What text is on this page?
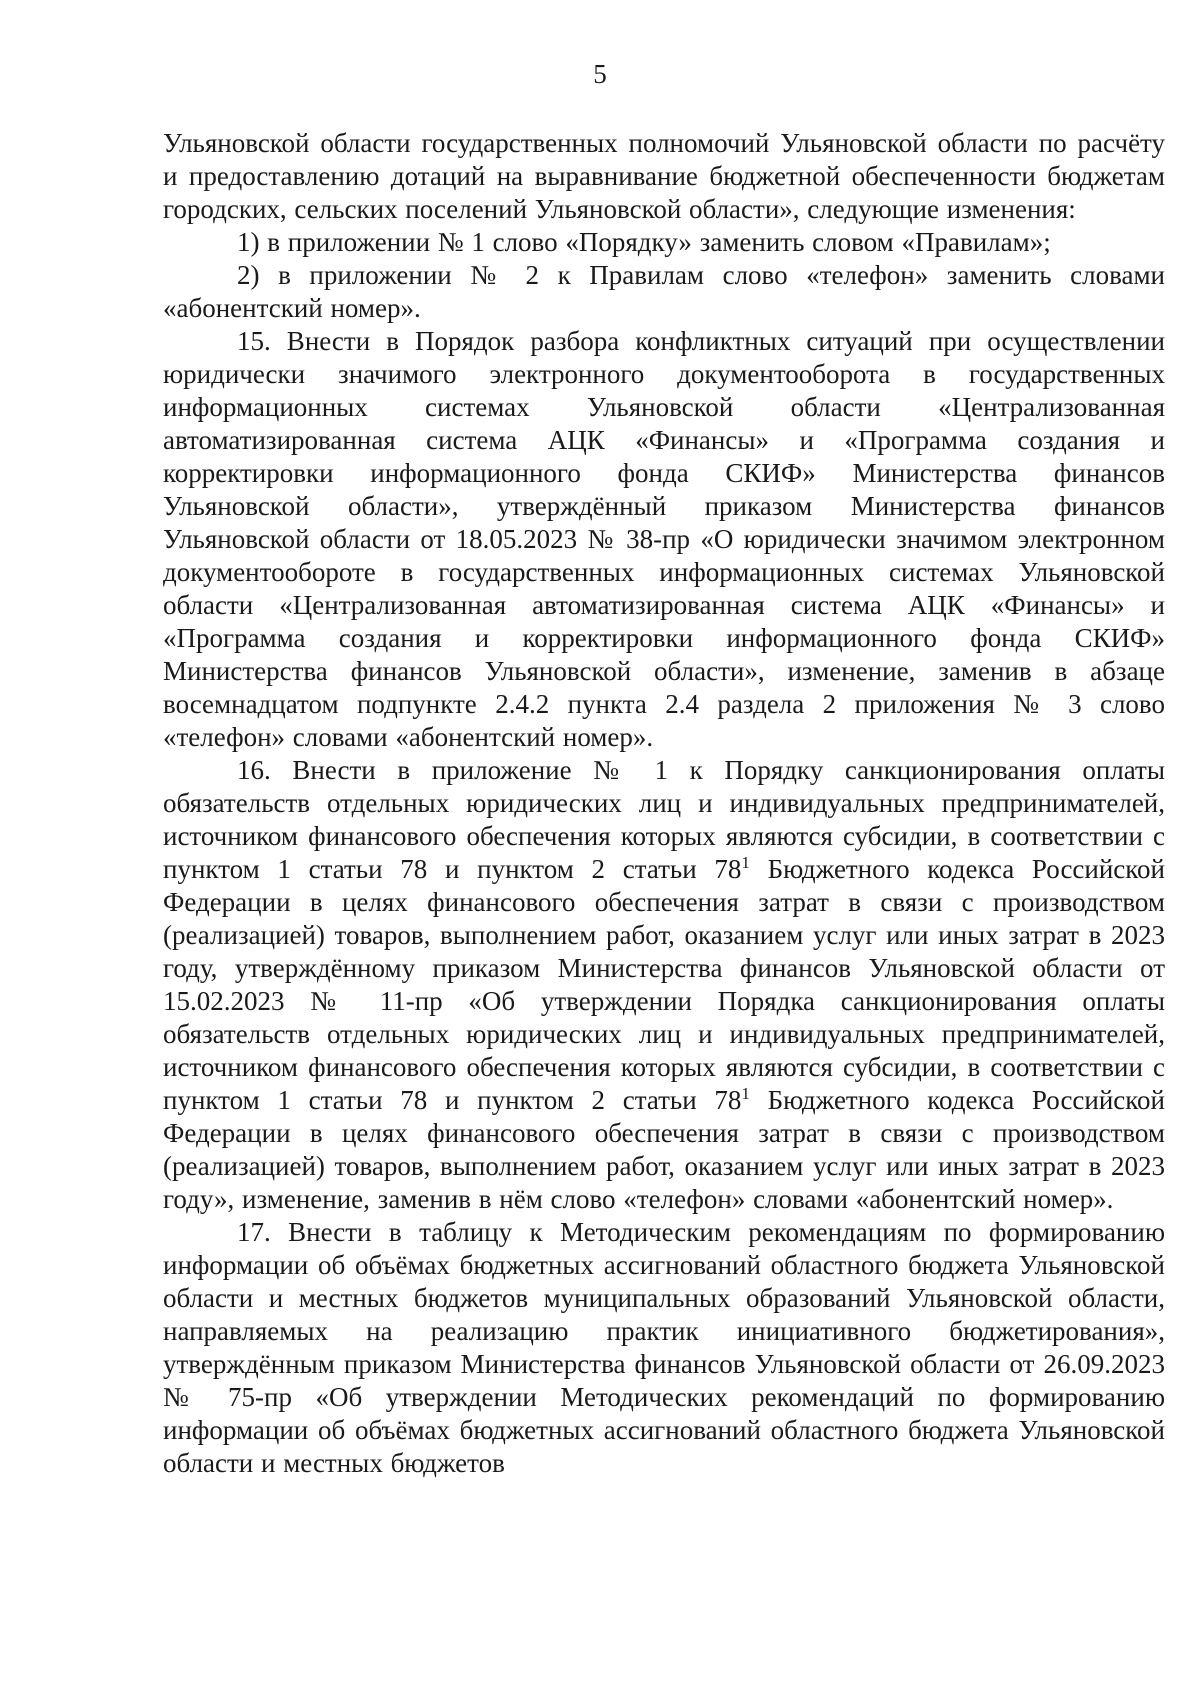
5

Ульяновской области государственных полномочий Ульяновской области по расчёту и предоставлению дотаций на выравнивание бюджетной обеспеченности бюджетам городских, сельских поселений Ульяновской области», следующие изменения:

1) в приложении № 1 слово «Порядку» заменить словом «Правилам»;

2) в приложении № 2 к Правилам слово «телефон» заменить словами «абонентский номер».

15. Внести в Порядок разбора конфликтных ситуаций при осуществлении юридически значимого электронного документооборота в государственных информационных системах Ульяновской области «Централизованная автоматизированная система АЦК «Финансы» и «Программа создания и корректировки информационного фонда СКИФ» Министерства финансов Ульяновской области», утверждённый приказом Министерства финансов Ульяновской области от 18.05.2023 № 38-пр «О юридически значимом электронном документообороте в государственных информационных системах Ульяновской области «Централизованная автоматизированная система АЦК «Финансы» и «Программа создания и корректировки информационного фонда СКИФ» Министерства финансов Ульяновской области», изменение, заменив в абзаце восемнадцатом подпункте 2.4.2 пункта 2.4 раздела 2 приложения № 3 слово «телефон» словами «абонентский номер».

16. Внести в приложение № 1 к Порядку санкционирования оплаты обязательств отдельных юридических лиц и индивидуальных предпринимателей, источником финансового обеспечения которых являются субсидии, в соответствии с пунктом 1 статьи 78 и пунктом 2 статьи $78^1$ Бюджетного кодекса Российской Федерации в целях финансового обеспечения затрат в связи с производством (реализацией) товаров, выполнением работ, оказанием услуг или иных затрат в 2023 году, утверждённому приказом Министерства финансов Ульяновской области от 15.02.2023 № 11-пр «Об утверждении Порядка санкционирования оплаты обязательств отдельных юридических лиц и индивидуальных предпринимателей, источником финансового обеспечения которых являются субсидии, в соответствии с пунктом 1 статьи 78 и пунктом 2 статьи $78^1$ Бюджетного кодекса Российской Федерации в целях финансового обеспечения затрат в связи с производством (реализацией) товаров, выполнением работ, оказанием услуг или иных затрат в 2023 году», изменение, заменив в нём слово «телефон» словами «абонентский номер».

17. Внести в таблицу к Методическим рекомендациям по формированию информации об объёмах бюджетных ассигнований областного бюджета Ульяновской области и местных бюджетов муниципальных образований Ульяновской области, направляемых на реализацию практик инициативного бюджетирования», утверждённым приказом Министерства финансов Ульяновской области от 26.09.2023 № 75-пр «Об утверждении Методических рекомендаций по формированию информации об объёмах бюджетных ассигнований областного бюджета Ульяновской области и местных бюджетов
